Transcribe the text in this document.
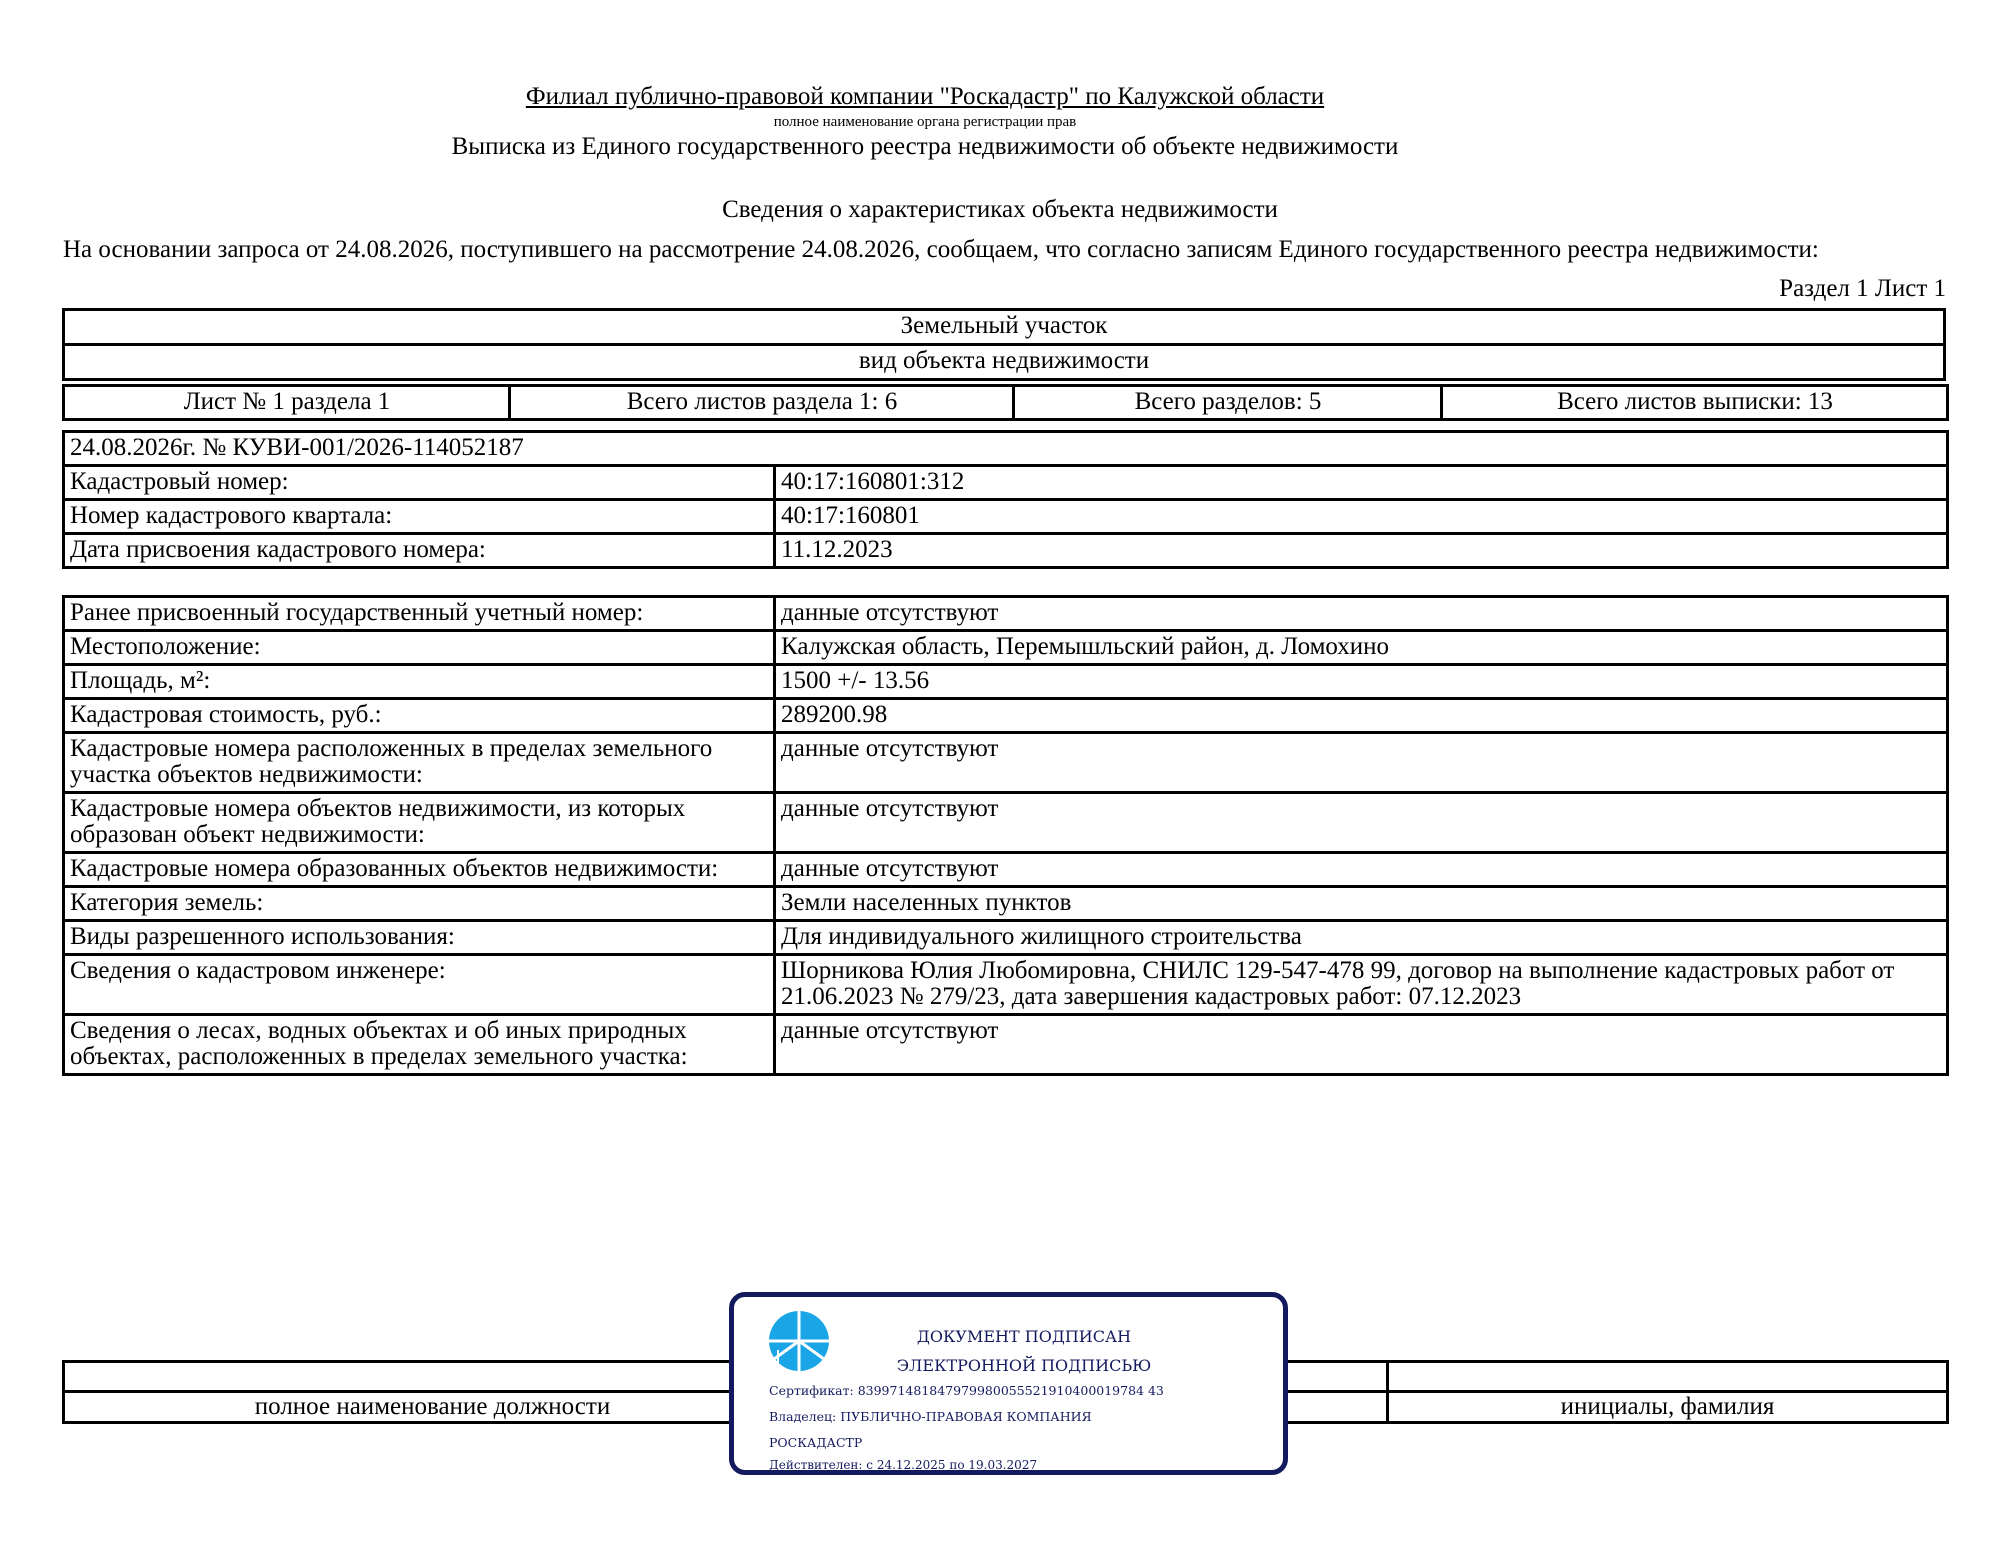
Филиал публично-правовой компании "Роскадастр" по Калужской области
полное наименование органа регистрации прав
Выписка из Единого государственного реестра недвижимости об объекте недвижимости
Сведения о характеристиках объекта недвижимости
На основании запроса от 24.08.2026, поступившего на рассмотрение 24.08.2026, сообщаем, что согласно записям Единого государственного реестра недвижимости:
Раздел 1 Лист 1
Земельный участок
вид объекта недвижимости
Лист № 1 раздела 1	Всего листов раздела 1: 6	Всего разделов: 5	Всего листов выписки: 13
24.08.2026г. № КУВИ-001/2026-114052187	
Кадастровый номер:	40:17:160801:312
Номер кадастрового квартала:	40:17:160801
Дата присвоения кадастрового номера:	11.12.2023
Ранее присвоенный государственный учетный номер:	данные отсутствуют
Местоположение:	Калужская область, Перемышльский район, д. Ломохино
Площадь, м²:	1500 +/- 13.56
Кадастровая стоимость, руб.:	289200.98
Кадастровые номера расположенных в пределах земельного участка объектов недвижимости:	данные отсутствуют
Кадастровые номера объектов недвижимости, из которых образован объект недвижимости:	данные отсутствуют
Кадастровые номера образованных объектов недвижимости:	данные отсутствуют
Категория земель:	Земли населенных пунктов
Виды разрешенного использования:	Для индивидуального жилищного строительства
Сведения о кадастровом инженере:	Шорникова Юлия Любомировна, СНИЛС 129-547-478 99, договор на выполнение кадастровых работ от 21.06.2023 № 279/23, дата завершения кадастровых работ: 07.12.2023
Сведения о лесах, водных объектах и об иных природных объектах, расположенных в пределах земельного участка:	данные отсутствуют

полное наименование должности		инициалы, фамилия
ДОКУМЕНТ ПОДПИСАН
ЭЛЕКТРОННОЙ ПОДПИСЬЮ
Сертификат: 839971481847979980055521910400019784 43
Владелец: ПУБЛИЧНО-ПРАВОВАЯ КОМПАНИЯ
РОСКАДАСТР
Действителен: с 24.12.2025 по 19.03.2027
